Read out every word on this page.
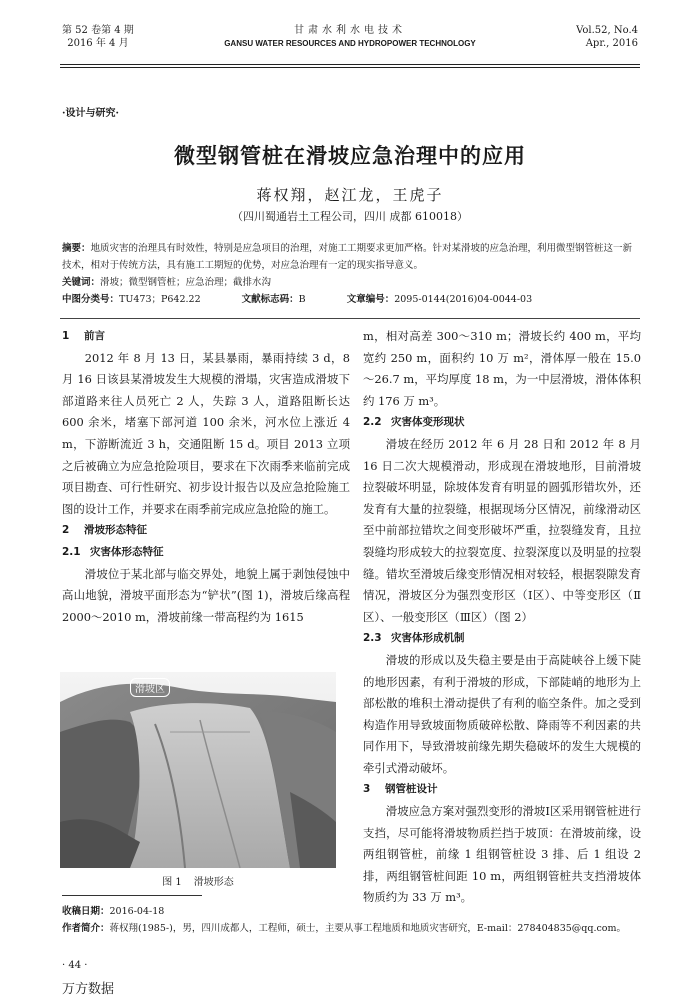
第 52 卷第 4 期
2016 年 4 月
甘肃水利水电技术
GANSU WATER RESOURCES AND HYDROPOWER TECHNOLOGY
Vol.52, No.4
Apr., 2016
·设计与研究·
微型钢管桩在滑坡应急治理中的应用
蒋权翔，赵江龙，王虎子
（四川蜀通岩土工程公司，四川 成都 610018）
摘要：地质灾害的治理具有时效性，特别是应急项目的治理，对施工工期要求更加严格。针对某滑坡的应急治理，利用微型钢管桩这一新技术，相对于传统方法，具有施工工期短的优势，对应急治理有一定的现实指导意义。
关键词：滑坡；微型钢管桩；应急治理；截排水沟
中图分类号：TU473；P642.22	文献标志码：B	文章编号：2095-0144(2016)04-0044-03
1 前言

2012 年 8 月 13 日，某县暴雨，暴雨持续 3 d，8 月 16 日该县某滑坡发生大规模的滑塌，灾害造成滑坡下部道路来往人员死亡 2 人，失踪 3 人，道路阻断长达 600 余米，堵塞下部河道 100 余米，河水位上涨近 4 m，下游断流近 3 h，交通阻断 15 d。项目 2013 立项之后被确立为应急抢险项目，要求在下次雨季来临前完成项目勘查、可行性研究、初步设计报告以及应急抢险施工图的设计工作，并要求在雨季前完成应急抢险的施工。

2 滑坡形态特征
2.1 灾害体形态特征

滑坡位于某北部与临交界处，地貌上属于剥蚀侵蚀中高山地貌，滑坡平面形态为“铲状”(图 1)，滑坡后缘高程 2000～2010 m，滑坡前缘一带高程约为 1615

滑坡区
图 1 滑坡形态

m，相对高差 300～310 m；滑坡长约 400 m，平均宽约 250 m，面积约 10 万 m²，滑体厚一般在 15.0～26.7 m，平均厚度 18 m，为一中层滑坡，滑体体积约 176 万 m³。

2.2 灾害体变形现状

滑坡在经历 2012 年 6 月 28 日和 2012 年 8 月 16 日二次大规模滑动，形成现在滑坡地形，目前滑坡拉裂破坏明显，除坡体发育有明显的圆弧形错坎外，还发育有大量的拉裂缝，根据现场分区情况，前缘滑动区至中前部拉错坎之间变形破坏严重，拉裂缝发育，且拉裂缝均形成较大的拉裂宽度、拉裂深度以及明显的拉裂缝。错坎至滑坡后缘变形情况相对较轻，根据裂隙发育情况，滑坡区分为强烈变形区（Ⅰ区）、中等变形区（Ⅱ区）、一般变形区（Ⅲ区）（图 2）

2.3 灾害体形成机制

滑坡的形成以及失稳主要是由于高陡峡谷上缓下陡的地形因素，有利于滑坡的形成，下部陡峭的地形为上部松散的堆积土滑动提供了有利的临空条件。加之受到构造作用导致坡面物质破碎松散、降雨等不利因素的共同作用下，导致滑坡前缘先期失稳破坏的发生大规模的牵引式滑动破坏。

3 钢管桩设计

滑坡应急方案对强烈变形的滑坡Ⅰ区采用钢管桩进行支挡，尽可能将滑坡物质拦挡于坡顶：在滑坡前缘，设两组钢管桩，前缘 1 组钢管桩设 3 排、后 1 组设 2 排，两组钢管桩间距 10 m，两组钢管桩共支挡滑坡体物质约为 33 万 m³。

收稿日期：2016-04-18
作者简介：蒋权翔(1985-)，男，四川成都人，工程师，硕士，主要从事工程地质和地质灾害研究，E-mail：278404835@qq.com。
· 44 ·
万方数据
